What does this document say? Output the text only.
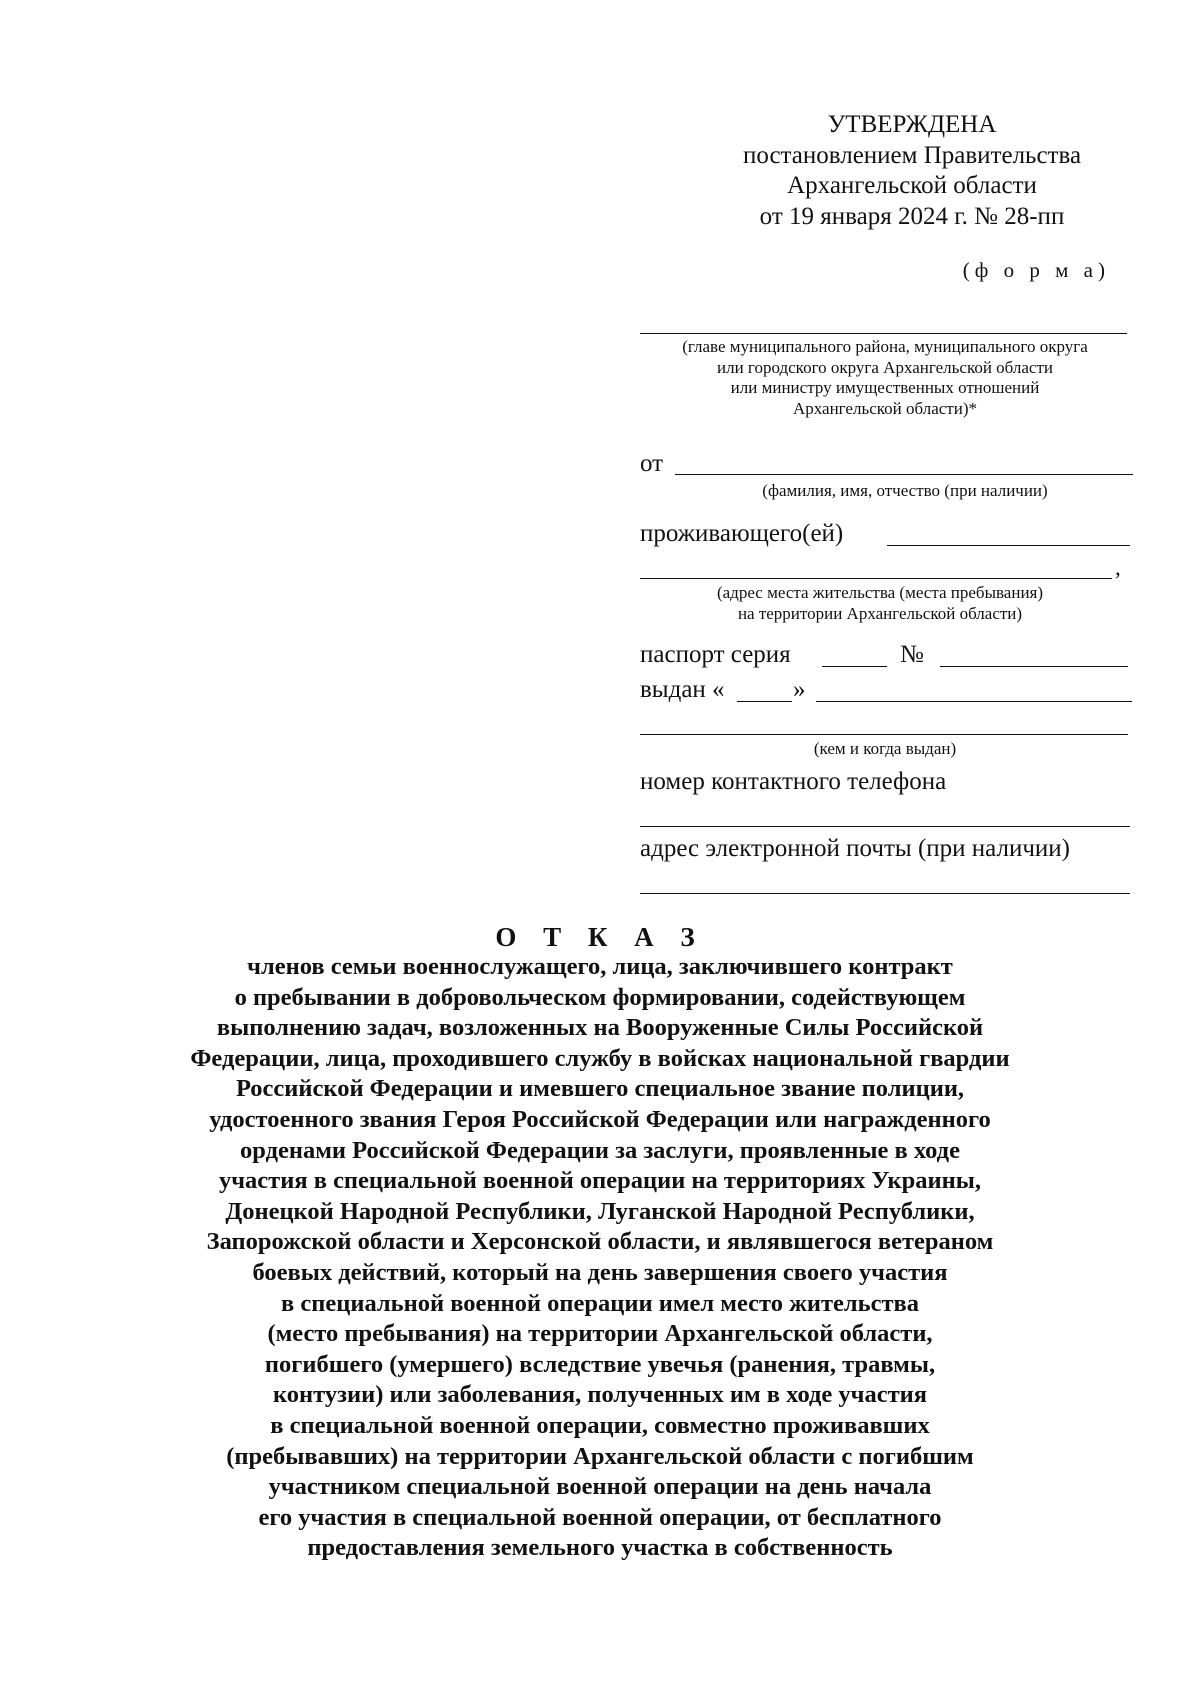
УТВЕРЖДЕНА
постановлением Правительства
Архангельской области
от 19 января 2024 г. № 28-пп
(ф о р м а)
(главе муниципального района, муниципального округа
или городского округа Архангельской области
или министру имущественных отношений
Архангельской области)*
от
(фамилия, имя, отчество (при наличии)
проживающего(ей)
,
(адрес места жительства (места пребывания)
на территории Архангельской области)
паспорт серия	№
выдан «	»
(кем и когда выдан)
номер контактного телефона
адрес электронной почты (при наличии)
О Т К А З
членов семьи военнослужащего, лица, заключившего контракт
о пребывании в добровольческом формировании, содействующем
выполнению задач, возложенных на Вооруженные Силы Российской
Федерации, лица, проходившего службу в войсках национальной гвардии
Российской Федерации и имевшего специальное звание полиции,
удостоенного звания Героя Российской Федерации или награжденного
орденами Российской Федерации за заслуги, проявленные в ходе
участия в специальной военной операции на территориях Украины,
Донецкой Народной Республики, Луганской Народной Республики,
Запорожской области и Херсонской области, и являвшегося ветераном
боевых действий, который на день завершения своего участия
в специальной военной операции имел место жительства
(место пребывания) на территории Архангельской области,
погибшего (умершего) вследствие увечья (ранения, травмы,
контузии) или заболевания, полученных им в ходе участия
в специальной военной операции, совместно проживавших
(пребывавших) на территории Архангельской области с погибшим
участником специальной военной операции на день начала
его участия в специальной военной операции, от бесплатного
предоставления земельного участка в собственность
